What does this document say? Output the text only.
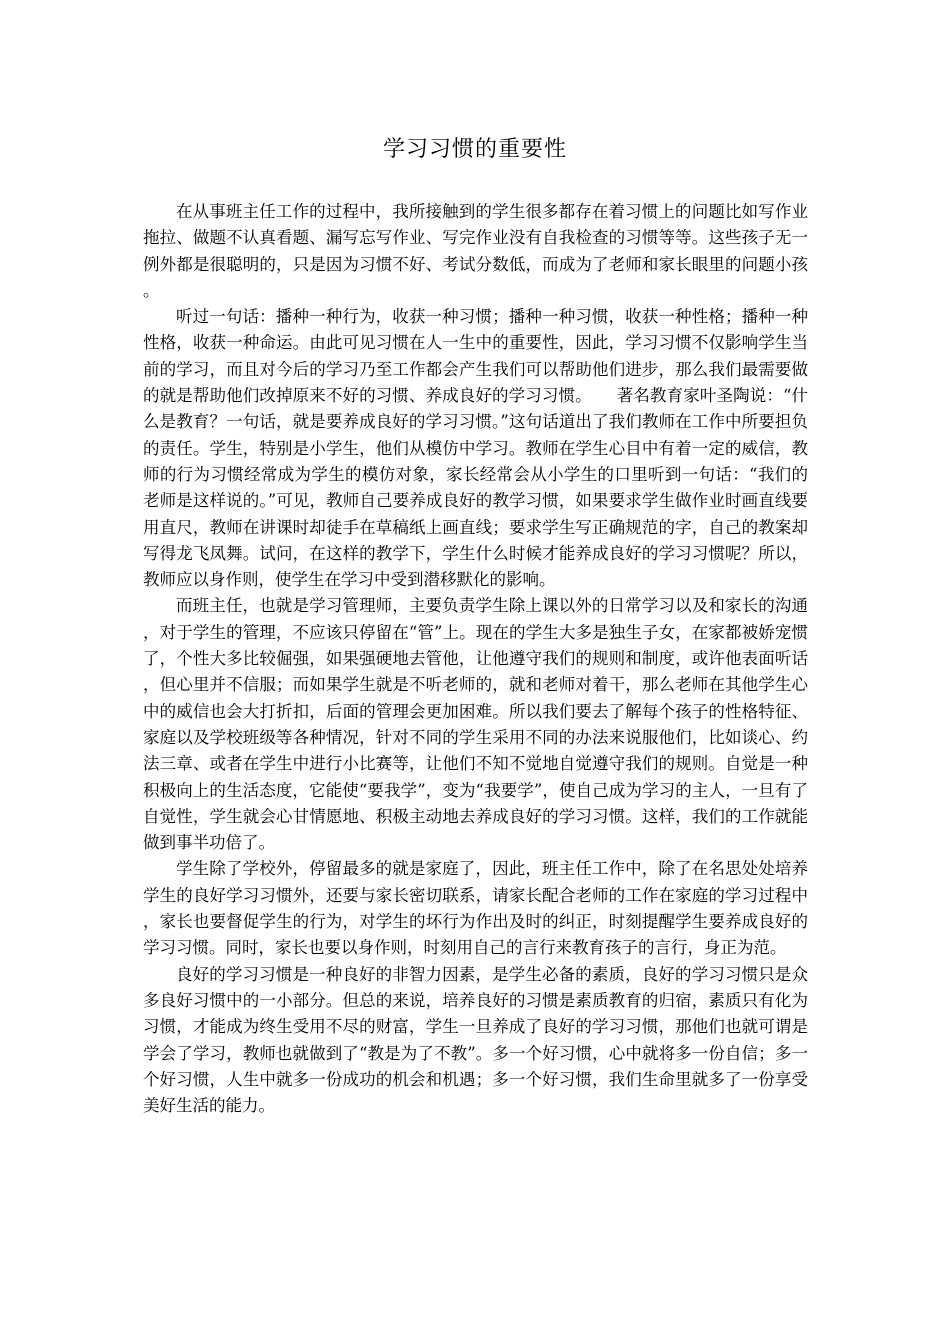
学习习惯的重要性

在从事班主任工作的过程中，我所接触到的学生很多都存在着习惯上的问题比如写作业拖拉、做题不认真看题、漏写忘写作业、写完作业没有自我检查的习惯等等。这些孩子无一例外都是很聪明的，只是因为习惯不好、考试分数低，而成为了老师和家长眼里的问题小孩。

听过一句话：播种一种行为，收获一种习惯；播种一种习惯，收获一种性格；播种一种性格，收获一种命运。由此可见习惯在人一生中的重要性，因此，学习习惯不仅影响学生当前的学习，而且对今后的学习乃至工作都会产生我们可以帮助他们进步，那么我们最需要做的就是帮助他们改掉原来不好的习惯、养成良好的学习习惯。　　著名教育家叶圣陶说：“什么是教育？一句话，就是要养成良好的学习习惯。”这句话道出了我们教师在工作中所要担负的责任。学生，特别是小学生，他们从模仿中学习。教师在学生心目中有着一定的威信，教师的行为习惯经常成为学生的模仿对象，家长经常会从小学生的口里听到一句话：“我们的老师是这样说的。”可见，教师自己要养成良好的教学习惯，如果要求学生做作业时画直线要用直尺，教师在讲课时却徒手在草稿纸上画直线；要求学生写正确规范的字，自己的教案却写得龙飞凤舞。试问，在这样的教学下，学生什么时候才能养成良好的学习习惯呢？所以，教师应以身作则，使学生在学习中受到潜移默化的影响。

而班主任，也就是学习管理师，主要负责学生除上课以外的日常学习以及和家长的沟通，对于学生的管理，不应该只停留在“管”上。现在的学生大多是独生子女，在家都被娇宠惯了，个性大多比较倔强，如果强硬地去管他，让他遵守我们的规则和制度，或许他表面听话，但心里并不信服；而如果学生就是不听老师的，就和老师对着干，那么老师在其他学生心中的威信也会大打折扣，后面的管理会更加困难。所以我们要去了解每个孩子的性格特征、家庭以及学校班级等各种情况，针对不同的学生采用不同的办法来说服他们，比如谈心、约法三章、或者在学生中进行小比赛等，让他们不知不觉地自觉遵守我们的规则。自觉是一种积极向上的生活态度，它能使“要我学”，变为“我要学”，使自己成为学习的主人，一旦有了自觉性，学生就会心甘情愿地、积极主动地去养成良好的学习习惯。这样，我们的工作就能做到事半功倍了。

学生除了学校外，停留最多的就是家庭了，因此，班主任工作中，除了在名思处处培养学生的良好学习习惯外，还要与家长密切联系，请家长配合老师的工作在家庭的学习过程中，家长也要督促学生的行为，对学生的坏行为作出及时的纠正，时刻提醒学生要养成良好的学习习惯。同时，家长也要以身作则，时刻用自己的言行来教育孩子的言行，身正为范。

良好的学习习惯是一种良好的非智力因素，是学生必备的素质，良好的学习习惯只是众多良好习惯中的一小部分。但总的来说，培养良好的习惯是素质教育的归宿，素质只有化为习惯，才能成为终生受用不尽的财富，学生一旦养成了良好的学习习惯，那他们也就可谓是学会了学习，教师也就做到了“教是为了不教”。多一个好习惯，心中就将多一份自信；多一个好习惯，人生中就多一份成功的机会和机遇；多一个好习惯，我们生命里就多了一份享受美好生活的能力。
